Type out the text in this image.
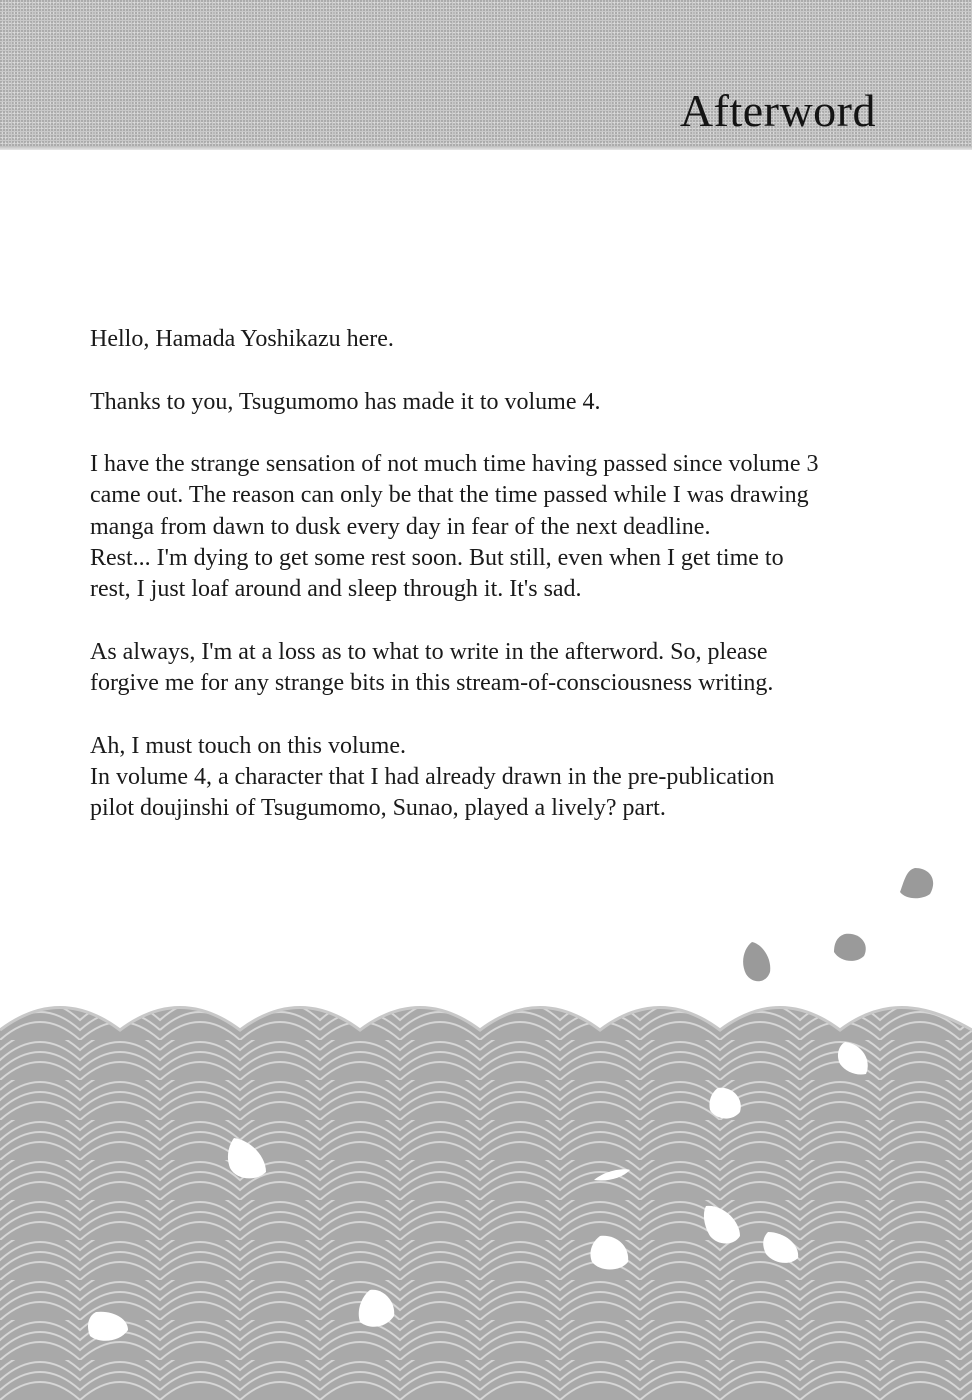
Afterword

Hello, Hamada Yoshikazu here.

Thanks to you, Tsugumomo has made it to volume 4.

I have the strange sensation of not much time having passed since volume 3
came out. The reason can only be that the time passed while I was drawing
manga from dawn to dusk every day in fear of the next deadline.
Rest... I'm dying to get some rest soon. But still, even when I get time to
rest, I just loaf around and sleep through it. It's sad.

As always, I'm at a loss as to what to write in the afterword. So, please
forgive me for any strange bits in this stream-of-consciousness writing.

Ah, I must touch on this volume.
In volume 4, a character that I had already drawn in the pre-publication
pilot doujinshi of Tsugumomo, Sunao, played a lively? part.
